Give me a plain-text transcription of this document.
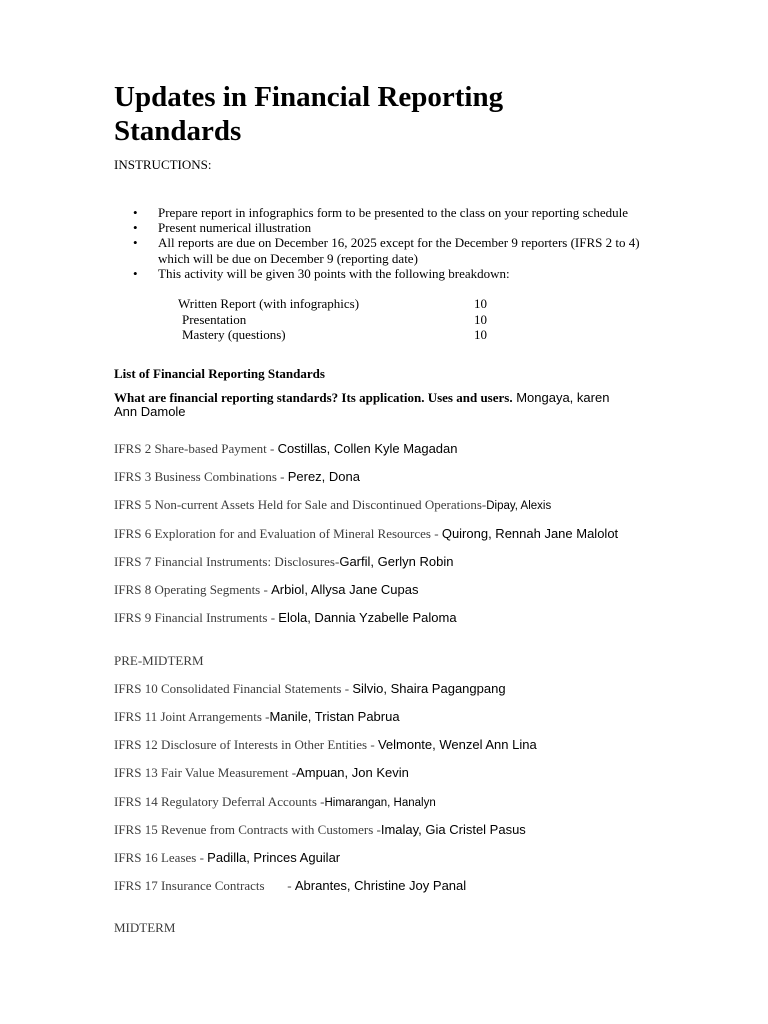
Updates in Financial Reporting Standards
INSTRUCTIONS:
• Prepare report in infographics form to be presented to the class on your reporting schedule
• Present numerical illustration
• All reports are due on December 16, 2025 except for the December 9 reporters (IFRS 2 to 4) which will be due on December 9 (reporting date)
• This activity will be given 30 points with the following breakdown:
Written Report (with infographics)	10
Presentation	10
Mastery (questions)	10
List of Financial Reporting Standards
What are financial reporting standards? Its application. Uses and users. Mongaya, karen
Ann Damole
IFRS 2 Share-based Payment - Costillas, Collen Kyle Magadan
IFRS 3 Business Combinations - Perez, Dona
IFRS 5 Non-current Assets Held for Sale and Discontinued Operations-Dipay, Alexis
IFRS 6 Exploration for and Evaluation of Mineral Resources - Quirong, Rennah Jane Malolot
IFRS 7 Financial Instruments: Disclosures-Garfil, Gerlyn Robin
IFRS 8 Operating Segments - Arbiol, Allysa Jane Cupas
IFRS 9 Financial Instruments - Elola, Dannia Yzabelle Paloma
PRE-MIDTERM
IFRS 10 Consolidated Financial Statements - Silvio, Shaira Pagangpang
IFRS 11 Joint Arrangements -Manile, Tristan Pabrua
IFRS 12 Disclosure of Interests in Other Entities - Velmonte, Wenzel Ann Lina
IFRS 13 Fair Value Measurement -Ampuan, Jon Kevin
IFRS 14 Regulatory Deferral Accounts -Himarangan, Hanalyn
IFRS 15 Revenue from Contracts with Customers -Imalay, Gia Cristel Pasus
IFRS 16 Leases - Padilla, Princes Aguilar
IFRS 17 Insurance Contracts       - Abrantes, Christine Joy Panal
MIDTERM
